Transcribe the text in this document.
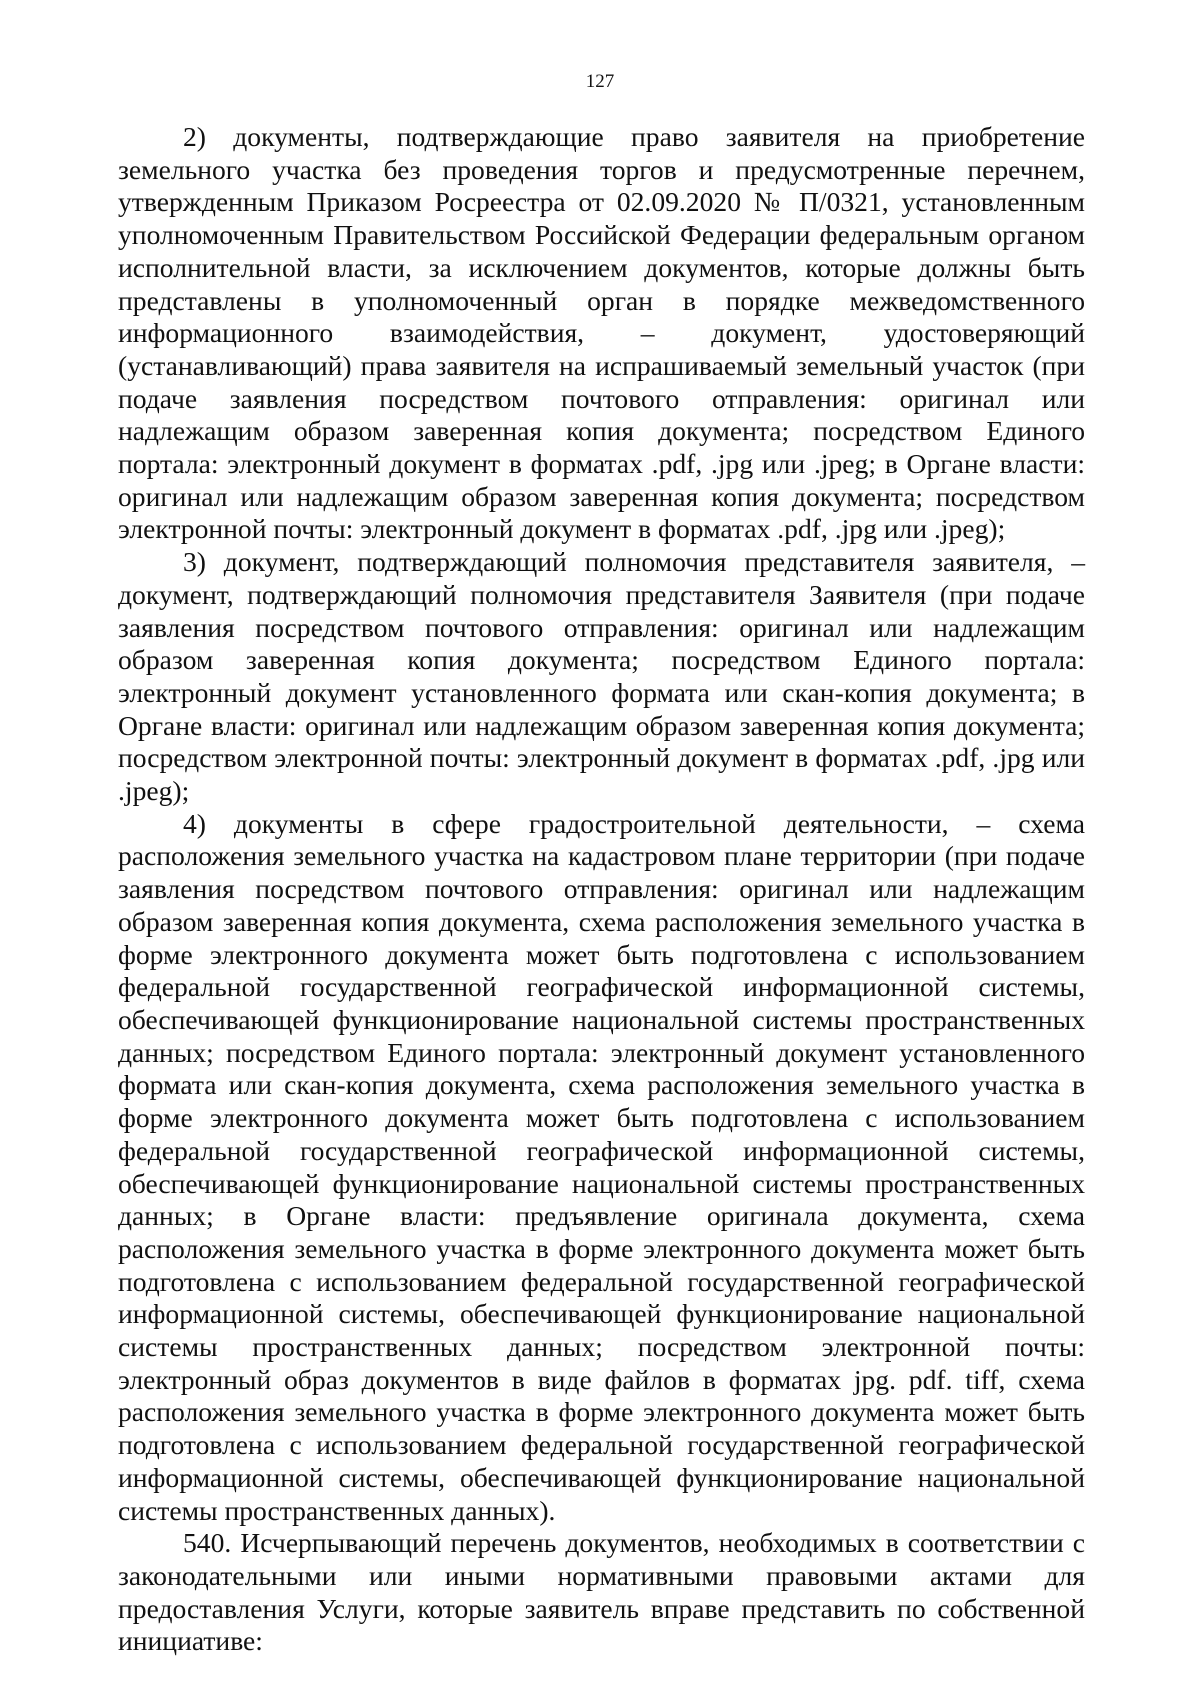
127

2) документы, подтверждающие право заявителя на приобретение земельного участка без проведения торгов и предусмотренные перечнем, утвержденным Приказом Росреестра от 02.09.2020 № П/0321, установленным уполномоченным Правительством Российской Федерации федеральным органом исполнительной власти, за исключением документов, которые должны быть представлены в уполномоченный орган в порядке межведомственного информационного взаимодействия, – документ, удостоверяющий (устанавливающий) права заявителя на испрашиваемый земельный участок (при подаче заявления посредством почтового отправления: оригинал или надлежащим образом заверенная копия документа; посредством Единого портала: электронный документ в форматах .pdf, .jpg или .jpeg; в Органе власти: оригинал или надлежащим образом заверенная копия документа; посредством электронной почты: электронный документ в форматах .pdf, .jpg или .jpeg);

3) документ, подтверждающий полномочия представителя заявителя, – документ, подтверждающий полномочия представителя Заявителя (при подаче заявления посредством почтового отправления: оригинал или надлежащим образом заверенная копия документа; посредством Единого портала: электронный документ установленного формата или скан-копия документа; в Органе власти: оригинал или надлежащим образом заверенная копия документа; посредством электронной почты: электронный документ в форматах .pdf, .jpg или .jpeg);

4) документы в сфере градостроительной деятельности, – схема расположения земельного участка на кадастровом плане территории (при подаче заявления посредством почтового отправления: оригинал или надлежащим образом заверенная копия документа, схема расположения земельного участка в форме электронного документа может быть подготовлена с использованием федеральной государственной географической информационной системы, обеспечивающей функционирование национальной системы пространственных данных; посредством Единого портала: электронный документ установленного формата или скан-копия документа, схема расположения земельного участка в форме электронного документа может быть подготовлена с использованием федеральной государственной географической информационной системы, обеспечивающей функционирование национальной системы пространственных данных; в Органе власти: предъявление оригинала документа, схема расположения земельного участка в форме электронного документа может быть подготовлена с использованием федеральной государственной географической информационной системы, обеспечивающей функционирование национальной системы пространственных данных; посредством электронной почты: электронный образ документов в виде файлов в форматах jpg. pdf. tiff, схема расположения земельного участка в форме электронного документа может быть подготовлена с использованием федеральной государственной географической информационной системы, обеспечивающей функционирование национальной системы пространственных данных).

540. Исчерпывающий перечень документов, необходимых в соответствии с законодательными или иными нормативными правовыми актами для предоставления Услуги, которые заявитель вправе представить по собственной инициативе:
